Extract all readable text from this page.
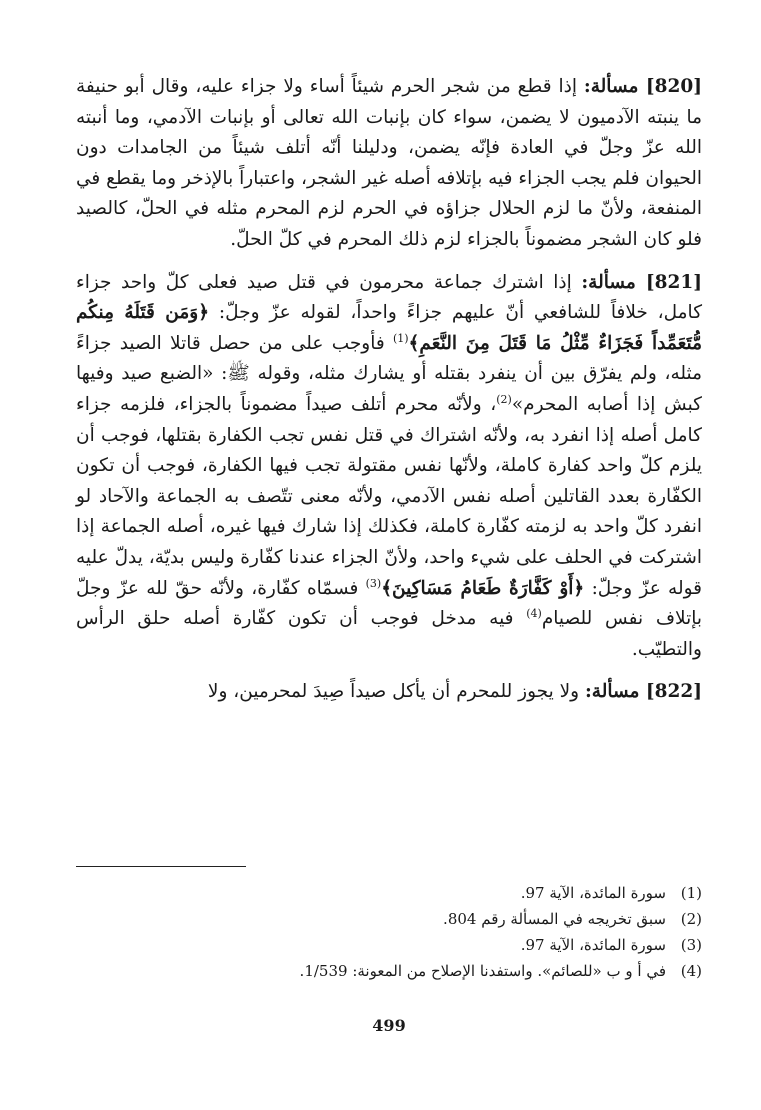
[820] مسألة: إذا قطع من شجر الحرم شيئاً أساء ولا جزاء عليه، وقال أبو حنيفة ما ينبته الآدميون لا يضمن، سواء كان بإنبات الله تعالى أو بإنبات الآدمي، وما أنبته الله عزّ وجلّ في العادة فإنّه يضمن، ودليلنا أنّه أتلف شيئاً من الجامدات دون الحيوان فلم يجب الجزاء فيه بإتلافه أصله غير الشجر، واعتباراً بالإذخر وما يقطع في المنفعة، ولأنّ ما لزم الحلال جزاؤه في الحرم لزم المحرم مثله في الحلّ، كالصيد فلو كان الشجر مضموناً بالجزاء لزم ذلك المحرم في كلّ الحلّ.

[821] مسألة: إذا اشترك جماعة محرمون في قتل صيد فعلى كلّ واحد جزاء كامل، خلافاً للشافعي أنّ عليهم جزاءً واحداً، لقوله عزّ وجلّ: ﴿وَمَن قَتَلَهُ مِنكُم مُّتَعَمِّداً فَجَزَاءٌ مِّثْلُ مَا قَتَلَ مِنَ النَّعَمِ﴾$^{(1)}$ فأوجب على من حصل قاتلا الصيد جزاءً مثله، ولم يفرّق بين أن ينفرد بقتله أو يشارك مثله، وقوله ﷺ: «الضبع صيد وفيها كبش إذا أصابه المحرم»$^{(2)}$، ولأنّه محرم أتلف صيداً مضموناً بالجزاء، فلزمه جزاء كامل أصله إذا انفرد به، ولأنّه اشتراك في قتل نفس تجب الكفارة بقتلها، فوجب أن يلزم كلّ واحد كفارة كاملة، ولأنّها نفس مقتولة تجب فيها الكفارة، فوجب أن تكون الكفّارة بعدد القاتلين أصله نفس الآدمي، ولأنّه معنى تتّصف به الجماعة والآحاد لو انفرد كلّ واحد به لزمته كفّارة كاملة، فكذلك إذا شارك فيها غيره، أصله الجماعة إذا اشتركت في الحلف على شيء واحد، ولأنّ الجزاء عندنا كفّارة وليس بديّة، يدلّ عليه قوله عزّ وجلّ: ﴿أَوْ كَفَّارَةٌ طَعَامُ مَسَاكِينَ﴾$^{(3)}$ فسمّاه كفّارة، ولأنّه حقّ لله عزّ وجلّ بإتلاف نفس للصيام$^{(4)}$ فيه مدخل فوجب أن تكون كفّارة أصله حلق الرأس والتطيّب.

[822] مسألة: ولا يجوز للمحرم أن يأكل صيداً صِيدَ لمحرمين، ولا

(1)
سورة المائدة، الآية 97.
(2)
سبق تخريجه في المسألة رقم 804.
(3)
سورة المائدة، الآية 97.
(4)
في أ و ب «للصائم». واستفدنا الإصلاح من المعونة: 1/539.
499
